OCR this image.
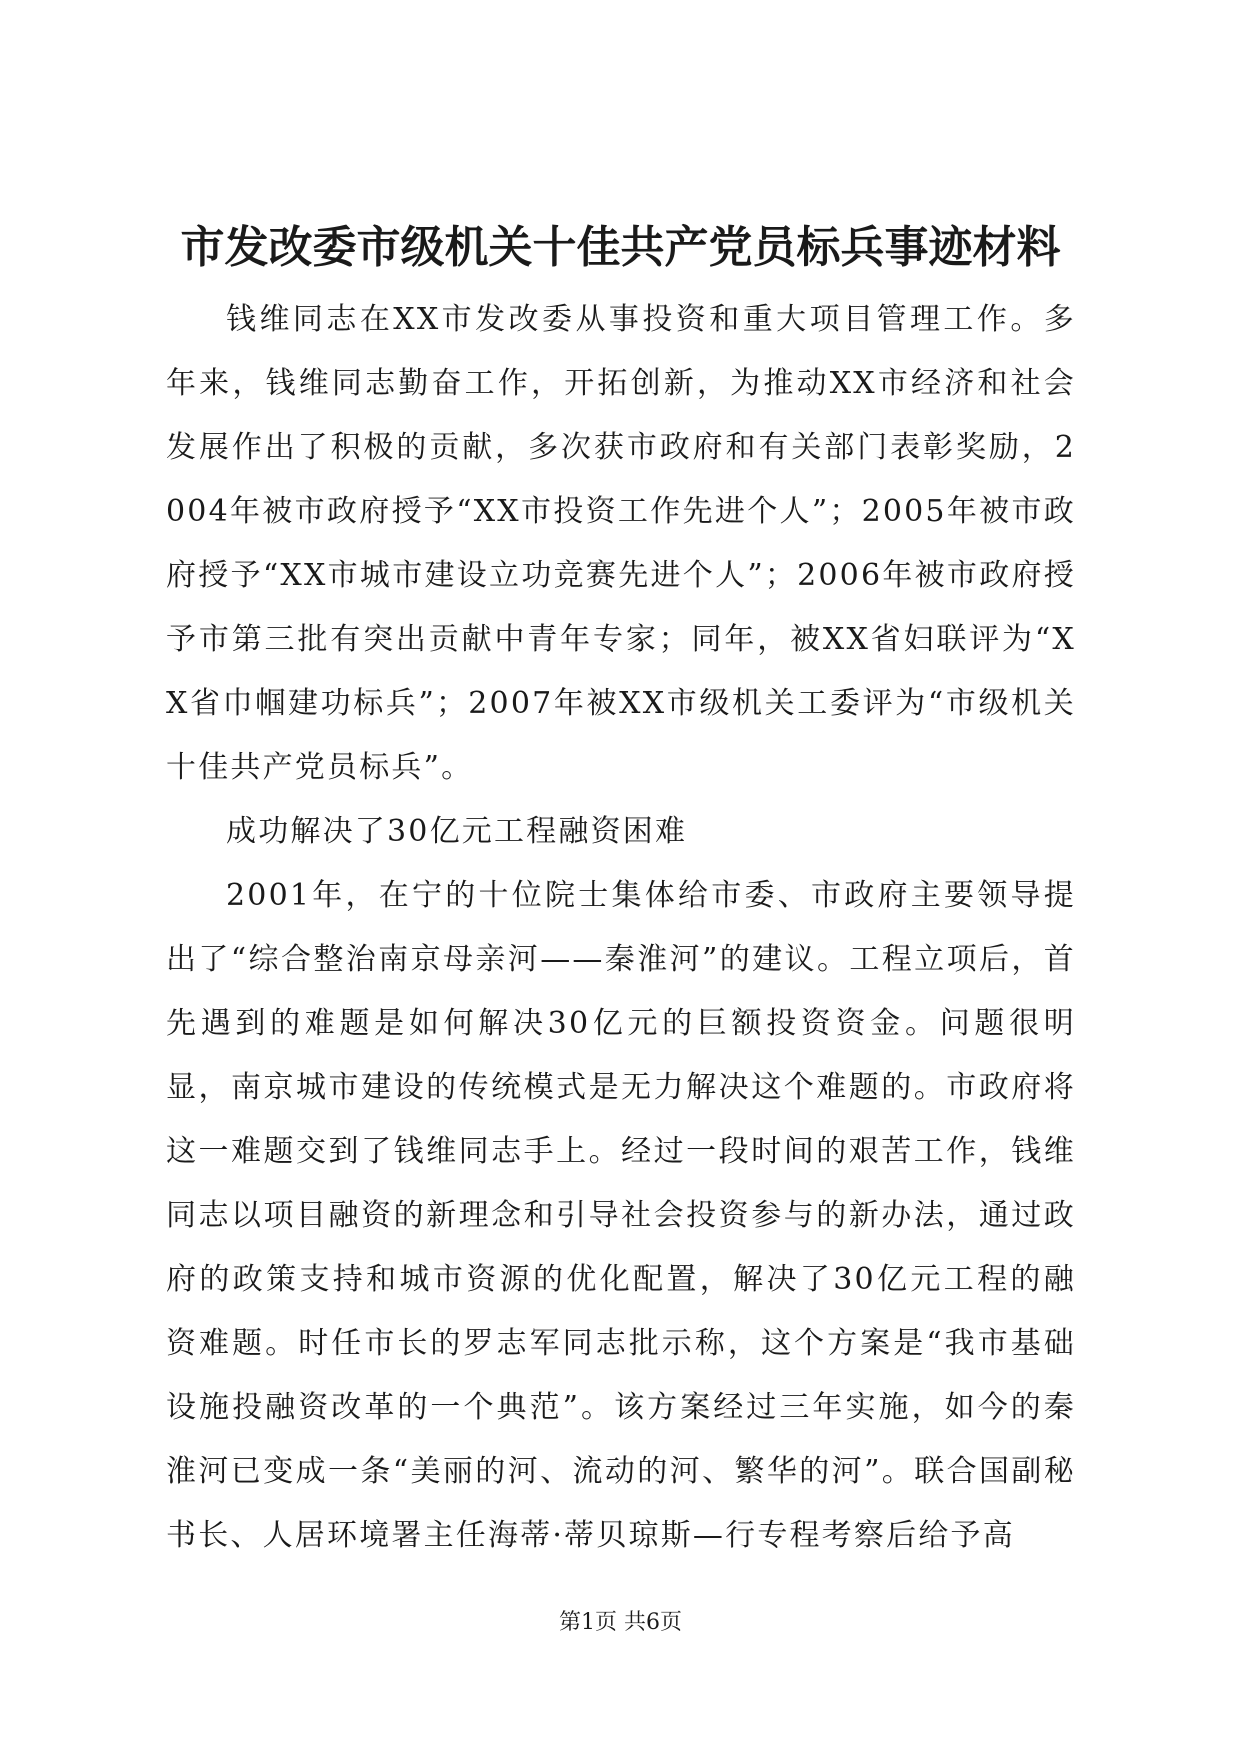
市发改委市级机关十佳共产党员标兵事迹材料

钱维同志在XX市发改委从事投资和重大项目管理工作。多年来，钱维同志勤奋工作，开拓创新，为推动XX市经济和社会发展作出了积极的贡献，多次获市政府和有关部门表彰奖励，2004年被市政府授予“XX市投资工作先进个人”；2005年被市政府授予“XX市城市建设立功竞赛先进个人”；2006年被市政府授予市第三批有突出贡献中青年专家；同年，被XX省妇联评为“XX省巾帼建功标兵”；2007年被XX市级机关工委评为“市级机关十佳共产党员标兵”。

成功解决了30亿元工程融资困难

2001年，在宁的十位院士集体给市委、市政府主要领导提出了“综合整治南京母亲河——秦淮河”的建议。工程立项后，首先遇到的难题是如何解决30亿元的巨额投资资金。问题很明显，南京城市建设的传统模式是无力解决这个难题的。市政府将这一难题交到了钱维同志手上。经过一段时间的艰苦工作，钱维同志以项目融资的新理念和引导社会投资参与的新办法，通过政府的政策支持和城市资源的优化配置，解决了30亿元工程的融资难题。时任市长的罗志军同志批示称，这个方案是“我市基础设施投融资改革的一个典范”。该方案经过三年实施，如今的秦淮河已变成一条“美丽的河、流动的河、繁华的河”。联合国副秘书长、人居环境署主任海蒂·蒂贝琼斯—行专程考察后给予高

第1页 共6页
